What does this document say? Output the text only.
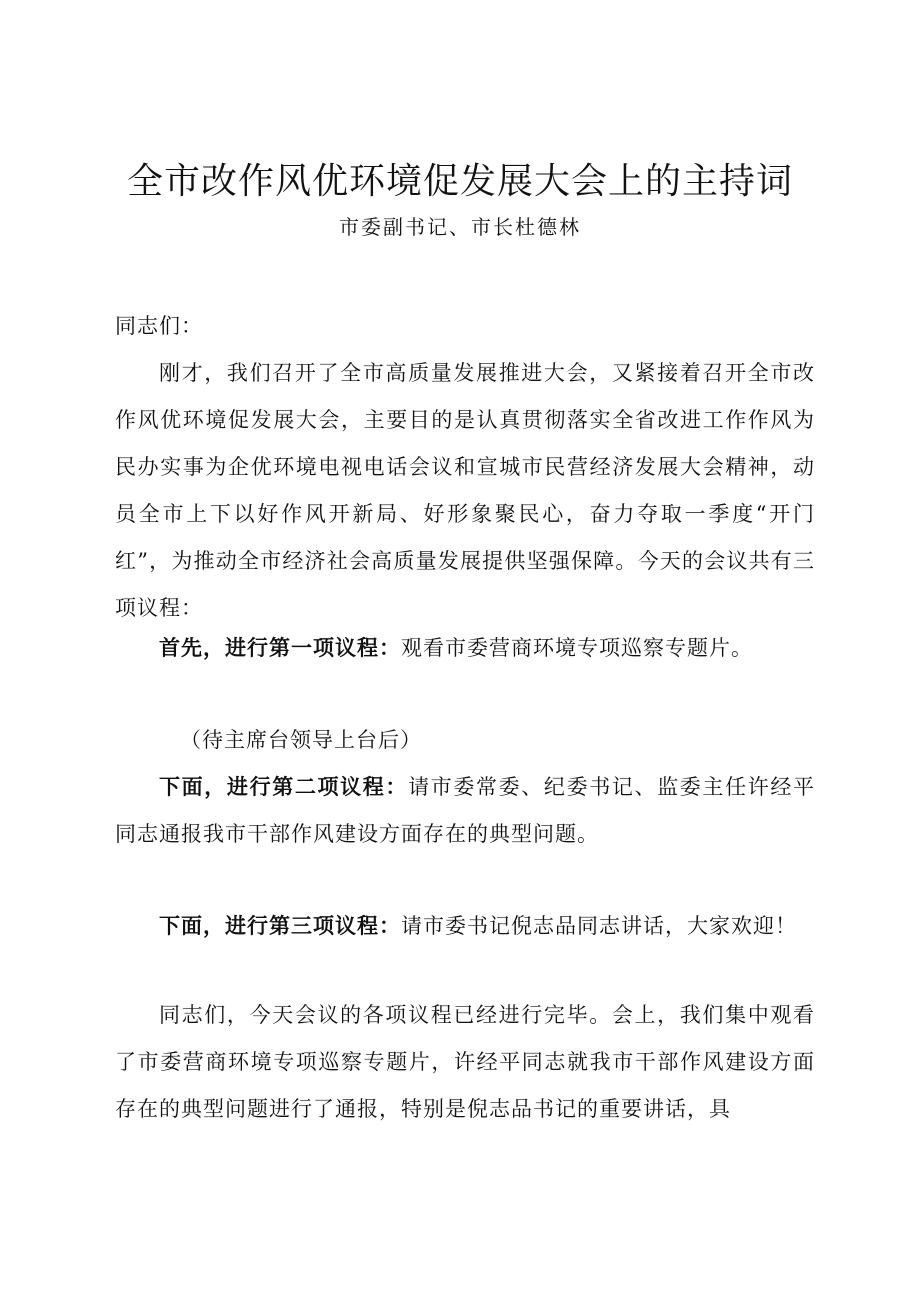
全市改作风优环境促发展大会上的主持词
市委副书记、市长杜德林

同志们：

刚才，我们召开了全市高质量发展推进大会，又紧接着召开全市改作风优环境促发展大会，主要目的是认真贯彻落实全省改进工作作风为民办实事为企优环境电视电话会议和宣城市民营经济发展大会精神，动员全市上下以好作风开新局、好形象聚民心，奋力夺取一季度“开门红”，为推动全市经济社会高质量发展提供坚强保障。今天的会议共有三项议程：

首先，进行第一项议程：观看市委营商环境专项巡察专题片。

（待主席台领导上台后）

下面，进行第二项议程：请市委常委、纪委书记、监委主任许经平同志通报我市干部作风建设方面存在的典型问题。

下面，进行第三项议程：请市委书记倪志品同志讲话，大家欢迎！

同志们，今天会议的各项议程已经进行完毕。会上，我们集中观看了市委营商环境专项巡察专题片，许经平同志就我市干部作风建设方面存在的典型问题进行了通报，特别是倪志品书记的重要讲话，具
